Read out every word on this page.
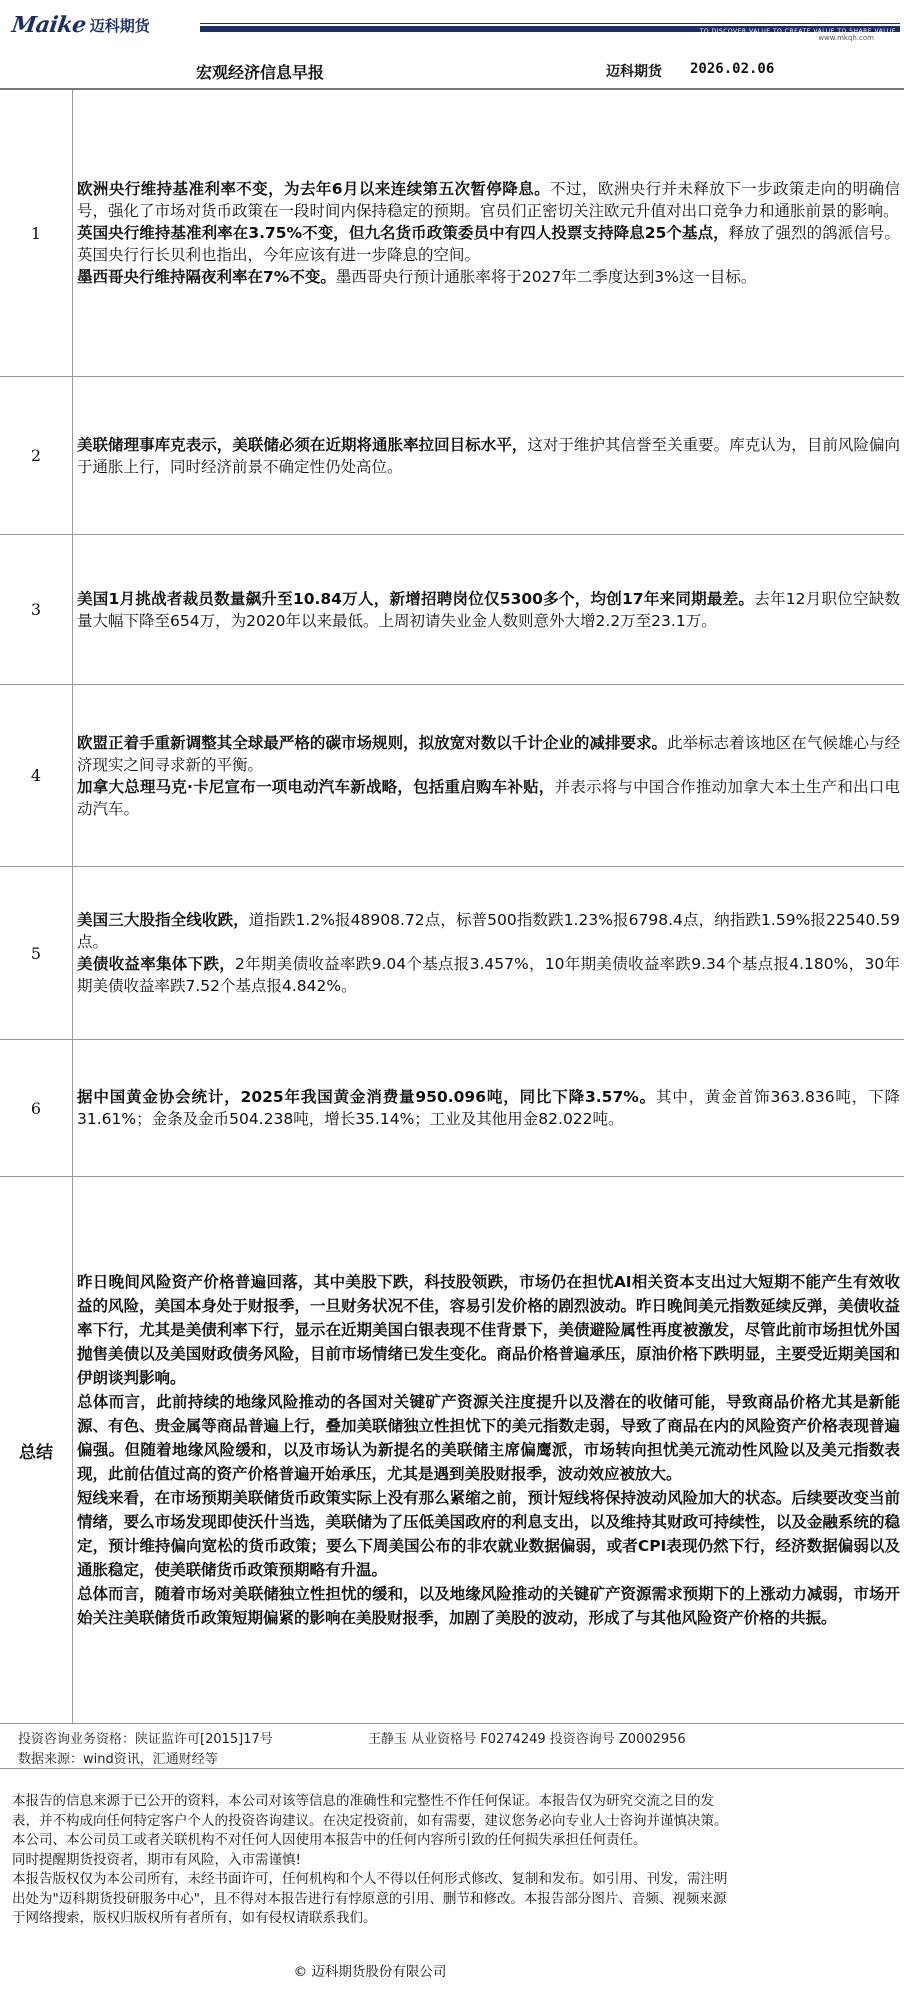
Maike 迈科期货	TO DISCOVER VALUE TO CREATE VALUE TO SHARE VALUE
www.mkqh.com
宏观经济信息早报	迈科期货 2026.02.06
1

欧洲央行维持基准利率不变，为去年6月以来连续第五次暂停降息。不过，欧洲央行并未释放下一步政策走向的明确信号，强化了市场对货币政策在一段时间内保持稳定的预期。官员们正密切关注欧元升值对出口竞争力和通胀前景的影响。

英国央行维持基准利率在3.75%不变，但九名货币政策委员中有四人投票支持降息25个基点，释放了强烈的鸽派信号。英国央行行长贝利也指出，今年应该有进一步降息的空间。

墨西哥央行维持隔夜利率在7%不变。墨西哥央行预计通胀率将于2027年二季度达到3%这一目标。

2

美联储理事库克表示，美联储必须在近期将通胀率拉回目标水平，这对于维护其信誉至关重要。库克认为，目前风险偏向于通胀上行，同时经济前景不确定性仍处高位。

3

美国1月挑战者裁员数量飙升至10.84万人，新增招聘岗位仅5300多个，均创17年来同期最差。去年12月职位空缺数量大幅下降至654万，为2020年以来最低。上周初请失业金人数则意外大增2.2万至23.1万。

4

欧盟正着手重新调整其全球最严格的碳市场规则，拟放宽对数以千计企业的减排要求。此举标志着该地区在气候雄心与经济现实之间寻求新的平衡。

加拿大总理马克·卡尼宣布一项电动汽车新战略，包括重启购车补贴，并表示将与中国合作推动加拿大本土生产和出口电动汽车。

5

美国三大股指全线收跌，道指跌1.2%报48908.72点，标普500指数跌1.23%报6798.4点，纳指跌1.59%报22540.59点。

美债收益率集体下跌，2年期美债收益率跌9.04个基点报3.457%，10年期美债收益率跌9.34个基点报4.180%，30年期美债收益率跌7.52个基点报4.842%。

6

据中国黄金协会统计，2025年我国黄金消费量950.096吨，同比下降3.57%。其中，黄金首饰363.836吨，下降31.61%；金条及金币504.238吨，增长35.14%；工业及其他用金82.022吨。

总结

昨日晚间风险资产价格普遍回落，其中美股下跌，科技股领跌，市场仍在担忧AI相关资本支出过大短期不能产生有效收益的风险，美国本身处于财报季，一旦财务状况不佳，容易引发价格的剧烈波动。昨日晚间美元指数延续反弹，美债收益率下行，尤其是美债利率下行，显示在近期美国白银表现不佳背景下，美债避险属性再度被激发，尽管此前市场担忧外国抛售美债以及美国财政债务风险，目前市场情绪已发生变化。商品价格普遍承压，原油价格下跌明显，主要受近期美国和伊朗谈判影响。

总体而言，此前持续的地缘风险推动的各国对关键矿产资源关注度提升以及潜在的收储可能，导致商品价格尤其是新能源、有色、贵金属等商品普遍上行，叠加美联储独立性担忧下的美元指数走弱，导致了商品在内的风险资产价格表现普遍偏强。但随着地缘风险缓和，以及市场认为新提名的美联储主席偏鹰派，市场转向担忧美元流动性风险以及美元指数表现，此前估值过高的资产价格普遍开始承压，尤其是遇到美股财报季，波动效应被放大。

短线来看，在市场预期美联储货币政策实际上没有那么紧缩之前，预计短线将保持波动风险加大的状态。后续要改变当前情绪，要么市场发现即使沃什当选，美联储为了压低美国政府的利息支出，以及维持其财政可持续性，以及金融系统的稳定，预计维持偏向宽松的货币政策；要么下周美国公布的非农就业数据偏弱，或者CPI表现仍然下行，经济数据偏弱以及通胀稳定，使美联储货币政策预期略有升温。

总体而言，随着市场对美联储独立性担忧的缓和，以及地缘风险推动的关键矿产资源需求预期下的上涨动力减弱，市场开始关注美联储货币政策短期偏紧的影响在美股财报季，加剧了美股的波动，形成了与其他风险资产价格的共振。

投资咨询业务资格：陕证监许可[2015]17号	王静玉 从业资格号 F0274249 投资咨询号 Z0002956
数据来源：wind资讯，汇通财经等

本报告的信息来源于已公开的资料，本公司对该等信息的准确性和完整性不作任何保证。本报告仅为研究交流之目的发表，并不构成向任何特定客户个人的投资咨询建议。在决定投资前，如有需要，建议您务必向专业人士咨询并谨慎决策。本公司、本公司员工或者关联机构不对任何人因使用本报告中的任何内容所引致的任何损失承担任何责任。

同时提醒期货投资者，期市有风险，入市需谨慎!

本报告版权仅为本公司所有，未经书面许可，任何机构和个人不得以任何形式修改、复制和发布。如引用、刊发，需注明出处为"迈科期货投研服务中心"，且不得对本报告进行有悖原意的引用、删节和修改。本报告部分图片、音频、视频来源于网络搜索，版权归版权所有者所有，如有侵权请联系我们。

© 迈科期货股份有限公司
